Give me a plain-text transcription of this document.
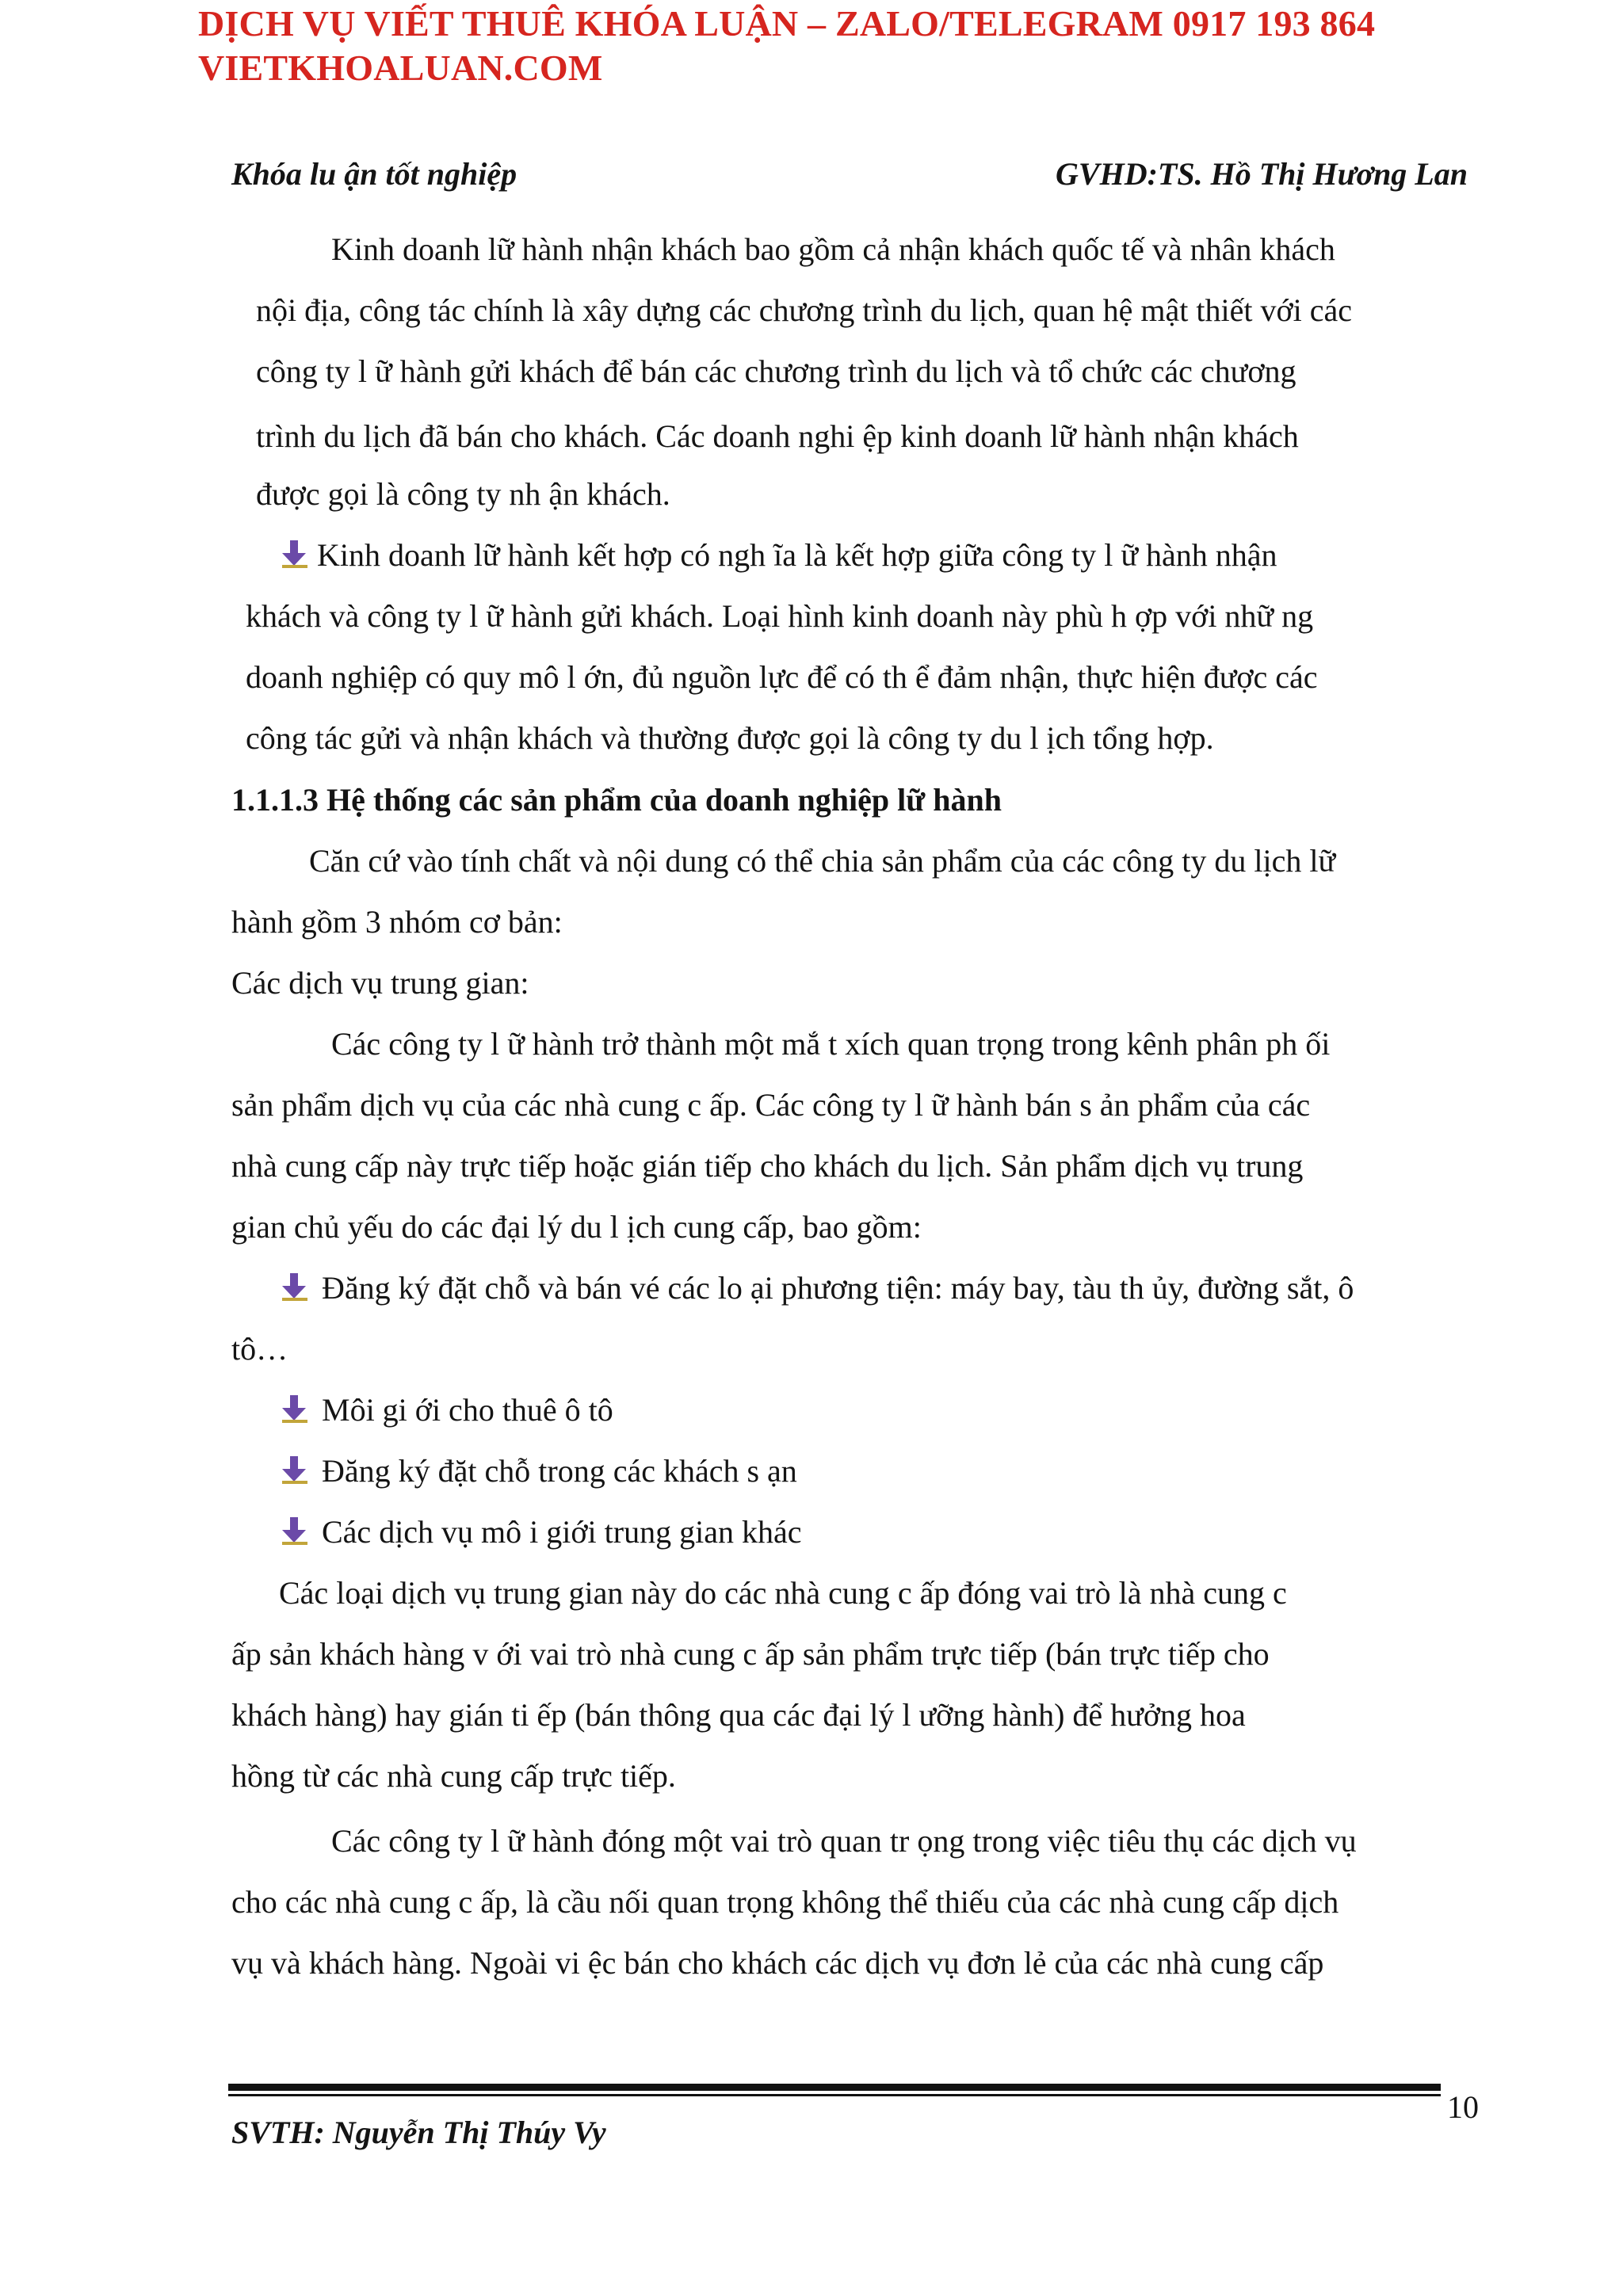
DỊCH VỤ VIẾT THUÊ KHÓA LUẬN – ZALO/TELEGRAM 0917 193 864
VIETKHOALUAN.COM
Khóa lu ận tốt nghiệp	GVHD:TS. Hồ Thị Hương Lan
Kinh doanh lữ hành nhận khách bao gồm cả nhận khách quốc tế và nhân khách
nội địa, công tác chính là xây dựng các chương trình du lịch, quan hệ mật thiết với các
công ty l ữ hành gửi khách để bán các chương trình du lịch và tổ chức các chương
trình du lịch đã bán cho khách. Các doanh nghi ệp kinh doanh lữ hành nhận khách
được gọi là công ty nh ận khách.
Kinh doanh lữ hành kết hợp có ngh ĩa là kết hợp giữa công ty l ữ hành nhận
khách và công ty l ữ hành gửi khách. Loại hình kinh doanh này phù h ợp với nhữ ng
doanh nghiệp có quy mô l ớn, đủ nguồn lực để có th ể đảm nhận, thực hiện được các
công tác gửi và nhận khách và thường được gọi là công ty du l ịch tổng hợp.
1.1.1.3 Hệ thống các sản phẩm của doanh nghiệp lữ hành
Căn cứ vào tính chất và nội dung có thể chia sản phẩm của các công ty du lịch lữ
hành gồm 3 nhóm cơ bản:
Các dịch vụ trung gian:
Các công ty l ữ hành trở thành một mắ t xích quan trọng trong kênh phân ph ối
sản phẩm dịch vụ của các nhà cung c ấp. Các công ty l ữ hành bán s ản phẩm của các
nhà cung cấp này trực tiếp hoặc gián tiếp cho khách du lịch. Sản phẩm dịch vụ trung
gian chủ yếu do các đại lý du l ịch cung cấp, bao gồm:
Đăng ký đặt chỗ và bán vé các lo ại phương tiện: máy bay, tàu th ủy, đường sắt, ô
tô…
Môi gi ới cho thuê ô tô
Đăng ký đặt chỗ trong các khách s ạn
Các dịch vụ mô i giới trung gian khác
Các loại dịch vụ trung gian này do các nhà cung c ấp đóng vai trò là nhà cung c
ấp sản khách hàng v ới vai trò nhà cung c ấp sản phẩm trực tiếp (bán trực tiếp cho
khách hàng) hay gián ti ếp (bán thông qua các đại lý l ưỡng hành) để hưởng hoa
hồng từ các nhà cung cấp trực tiếp.
Các công ty l ữ hành đóng một vai trò quan tr ọng trong việc tiêu thụ các dịch vụ
cho các nhà cung c ấp, là cầu nối quan trọng không thể thiếu của các nhà cung cấp dịch
vụ và khách hàng. Ngoài vi ệc bán cho khách các dịch vụ đơn lẻ của các nhà cung cấp
10
SVTH: Nguyễn Thị Thúy Vy
